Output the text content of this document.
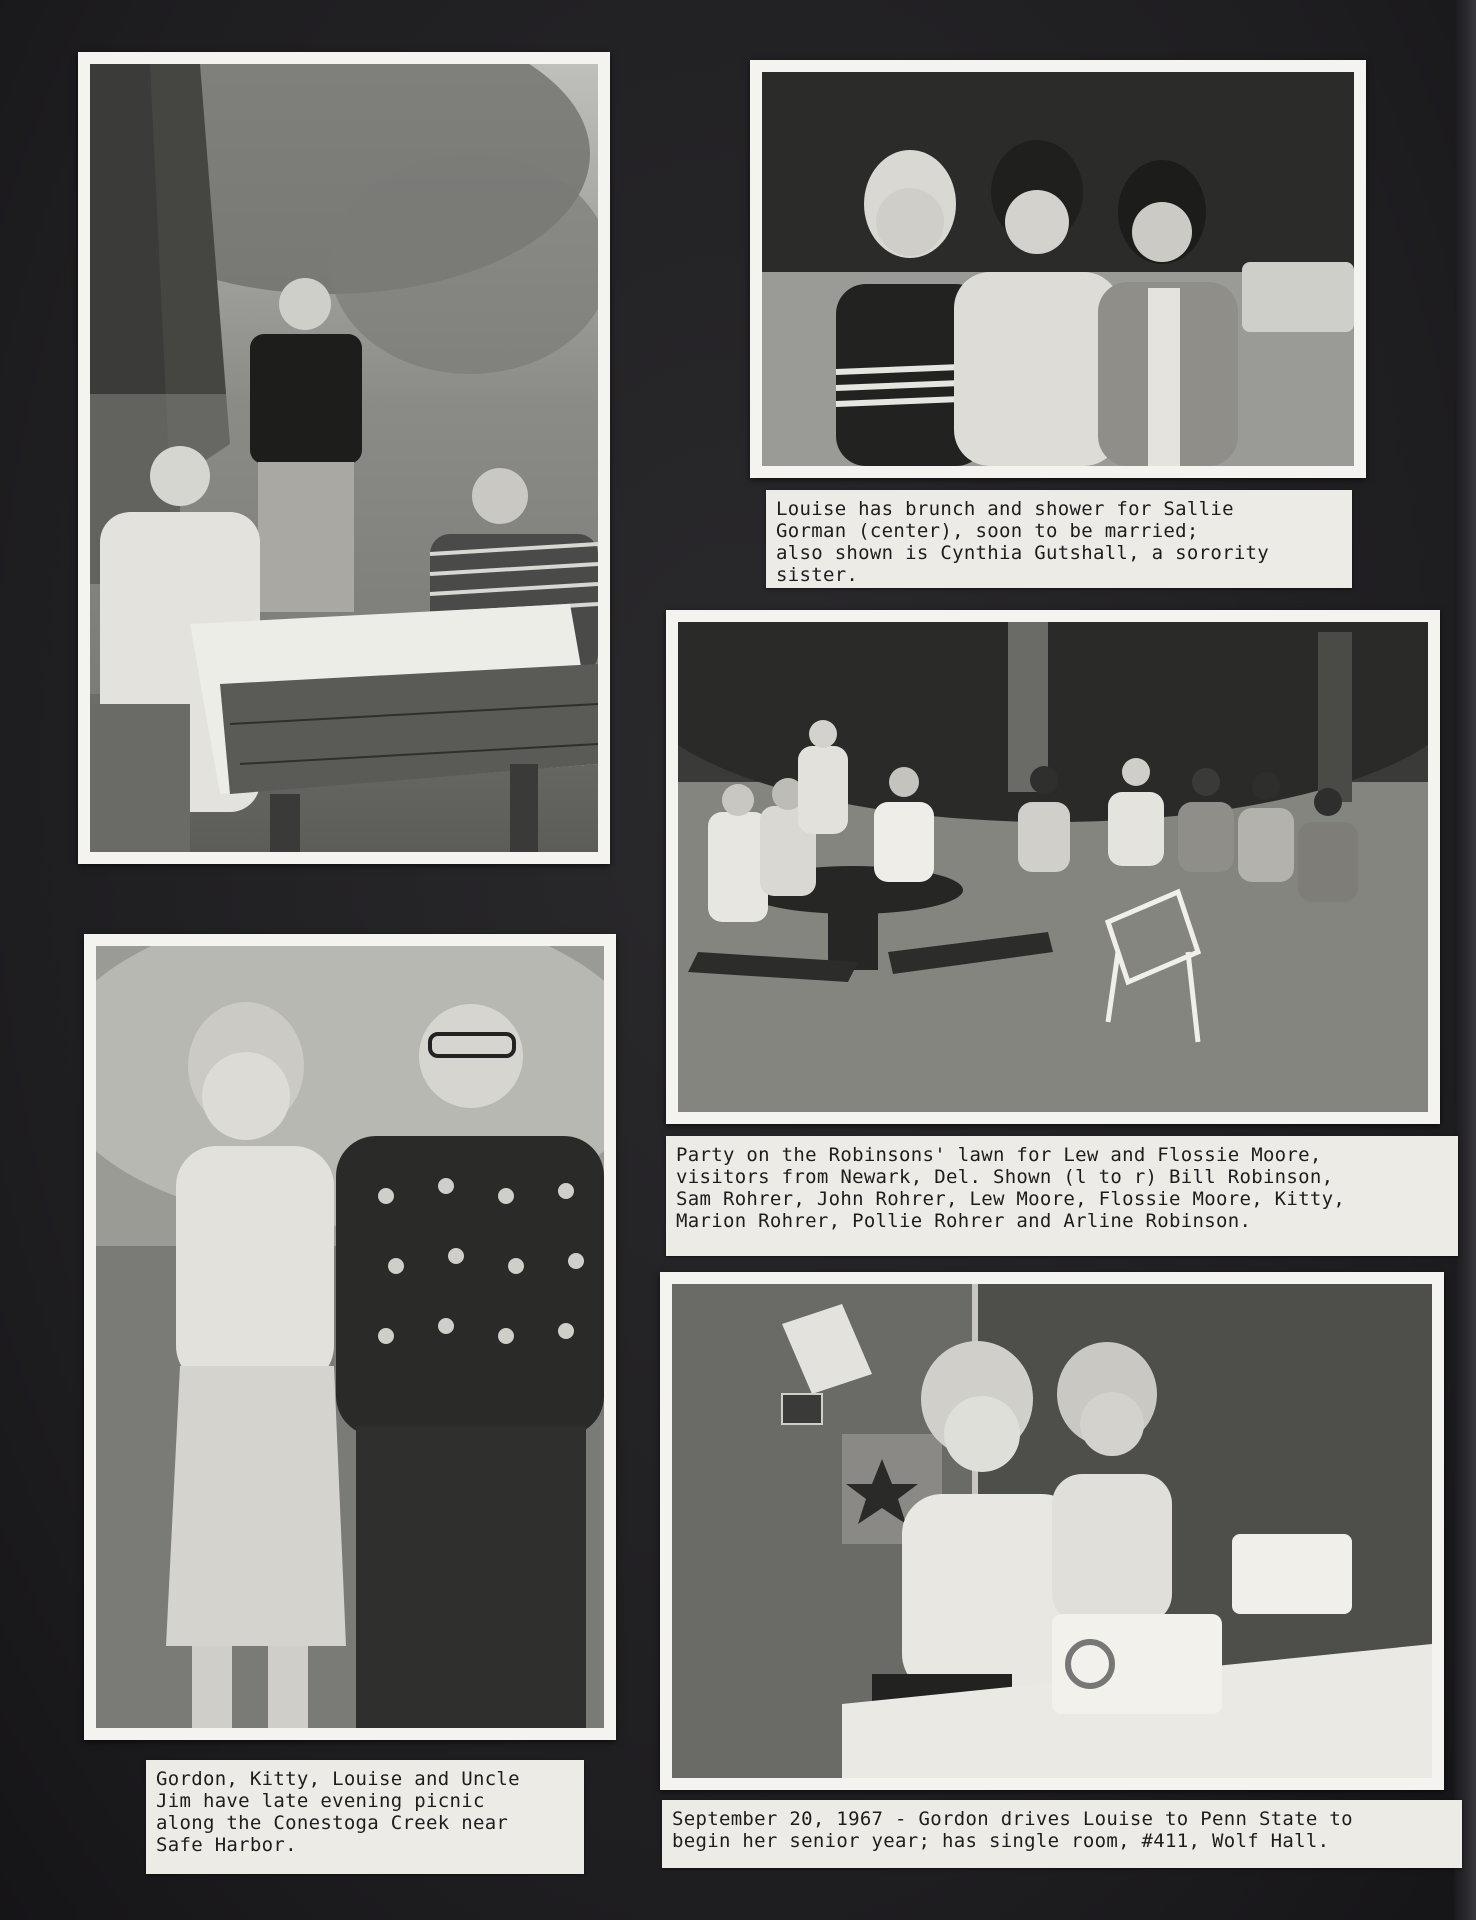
Louise has brunch and shower for Sallie
Gorman (center), soon to be married;
also shown is Cynthia Gutshall, a sorority
sister.
Party on the Robinsons' lawn for Lew and Flossie Moore,
visitors from Newark, Del. Shown (l to r) Bill Robinson,
Sam Rohrer, John Rohrer, Lew Moore, Flossie Moore, Kitty,
Marion Rohrer, Pollie Rohrer and Arline Robinson.
Gordon, Kitty, Louise and Uncle
Jim have late evening picnic
along the Conestoga Creek near
Safe Harbor.
September 20, 1967 - Gordon drives Louise to Penn State to
begin her senior year; has single room, #411, Wolf Hall.
